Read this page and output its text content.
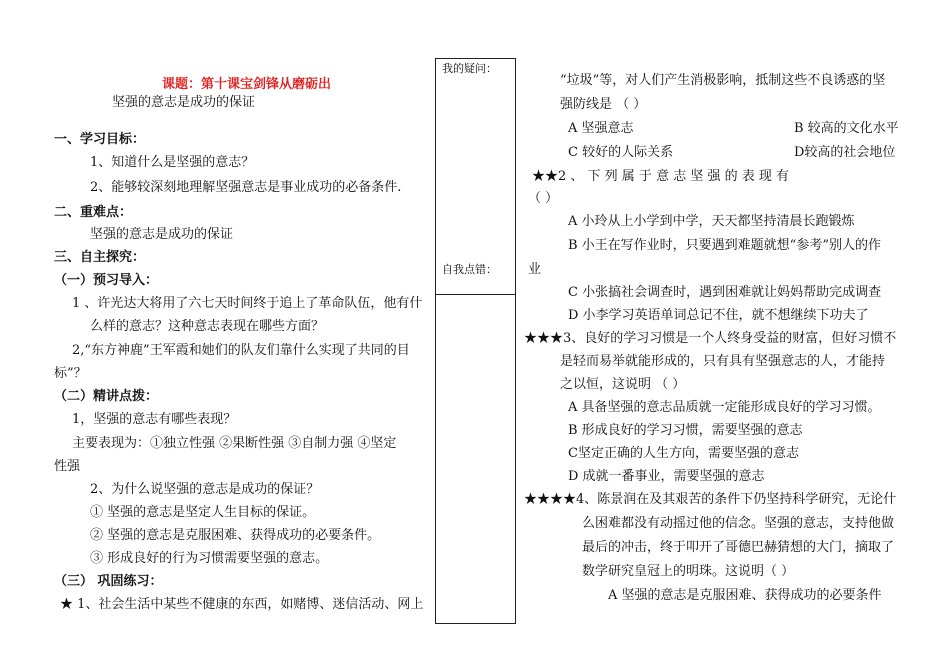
课题：第十课宝剑锋从磨砺出
坚强的意志是成功的保证
一、学习目标：
1、知道什么是坚强的意志？
2、能够较深刻地理解坚强意志是事业成功的必备条件.
二、重难点：
坚强的意志是成功的保证
三、自主探究：
（一）预习导入：
1 、许光达大将用了六七天时间终于追上了革命队伍，他有什
么样的意志？这种意志表现在哪些方面？
2,“东方神鹿”王军霞和她们的队友们靠什么实现了共同的目
标”？
（二）精讲点拨：
1，坚强的意志有哪些表现？
主要表现为：①独立性强 ②果断性强 ③自制力强 ④坚定
性强
2、为什么说坚强的意志是成功的保证？
① 坚强的意志是坚定人生目标的保证。
② 坚强的意志是克服困难、获得成功的必要条件。
③ 形成良好的行为习惯需要坚强的意志。
（三） 巩固练习：
★ 1、社会生活中某些不健康的东西，如赌博、迷信活动、网上
我的疑问：
自我点错：
“垃圾”等，对人们产生消极影响，抵制这些不良诱惑的坚
强防线是 （ ）
A 坚强意志	B 较高的文化水平
C 较好的人际关系	D较高的社会地位
★★2 、 下 列 属 于 意 志 坚 强 的 表 现 有
（ ）
A 小玲从上小学到中学，天天都坚持清晨长跑锻炼
B 小王在写作业时，只要遇到难题就想“参考”别人的作
业
C 小张搞社会调查时，遇到困难就让妈妈帮助完成调查
D 小李学习英语单词总记不住，就不想继续下功夫了
★★★3、良好的学习习惯是一个人终身受益的财富，但好习惯不
是轻而易举就能形成的，只有具有坚强意志的人，才能持
之以恒，这说明 （ ）
A 具备坚强的意志品质就一定能形成良好的学习习惯。
B 形成良好的学习习惯，需要坚强的意志
C坚定正确的人生方向，需要坚强的意志
D 成就一番事业，需要坚强的意志
★★★★4、陈景润在及其艰苦的条件下仍坚持科学研究，无论什
么困难都没有动摇过他的信念。坚强的意志，支持他做
最后的冲击，终于叩开了哥德巴赫猜想的大门，摘取了
数学研究皇冠上的明珠。这说明（ ）
A 坚强的意志是克服困难、获得成功的必要条件
